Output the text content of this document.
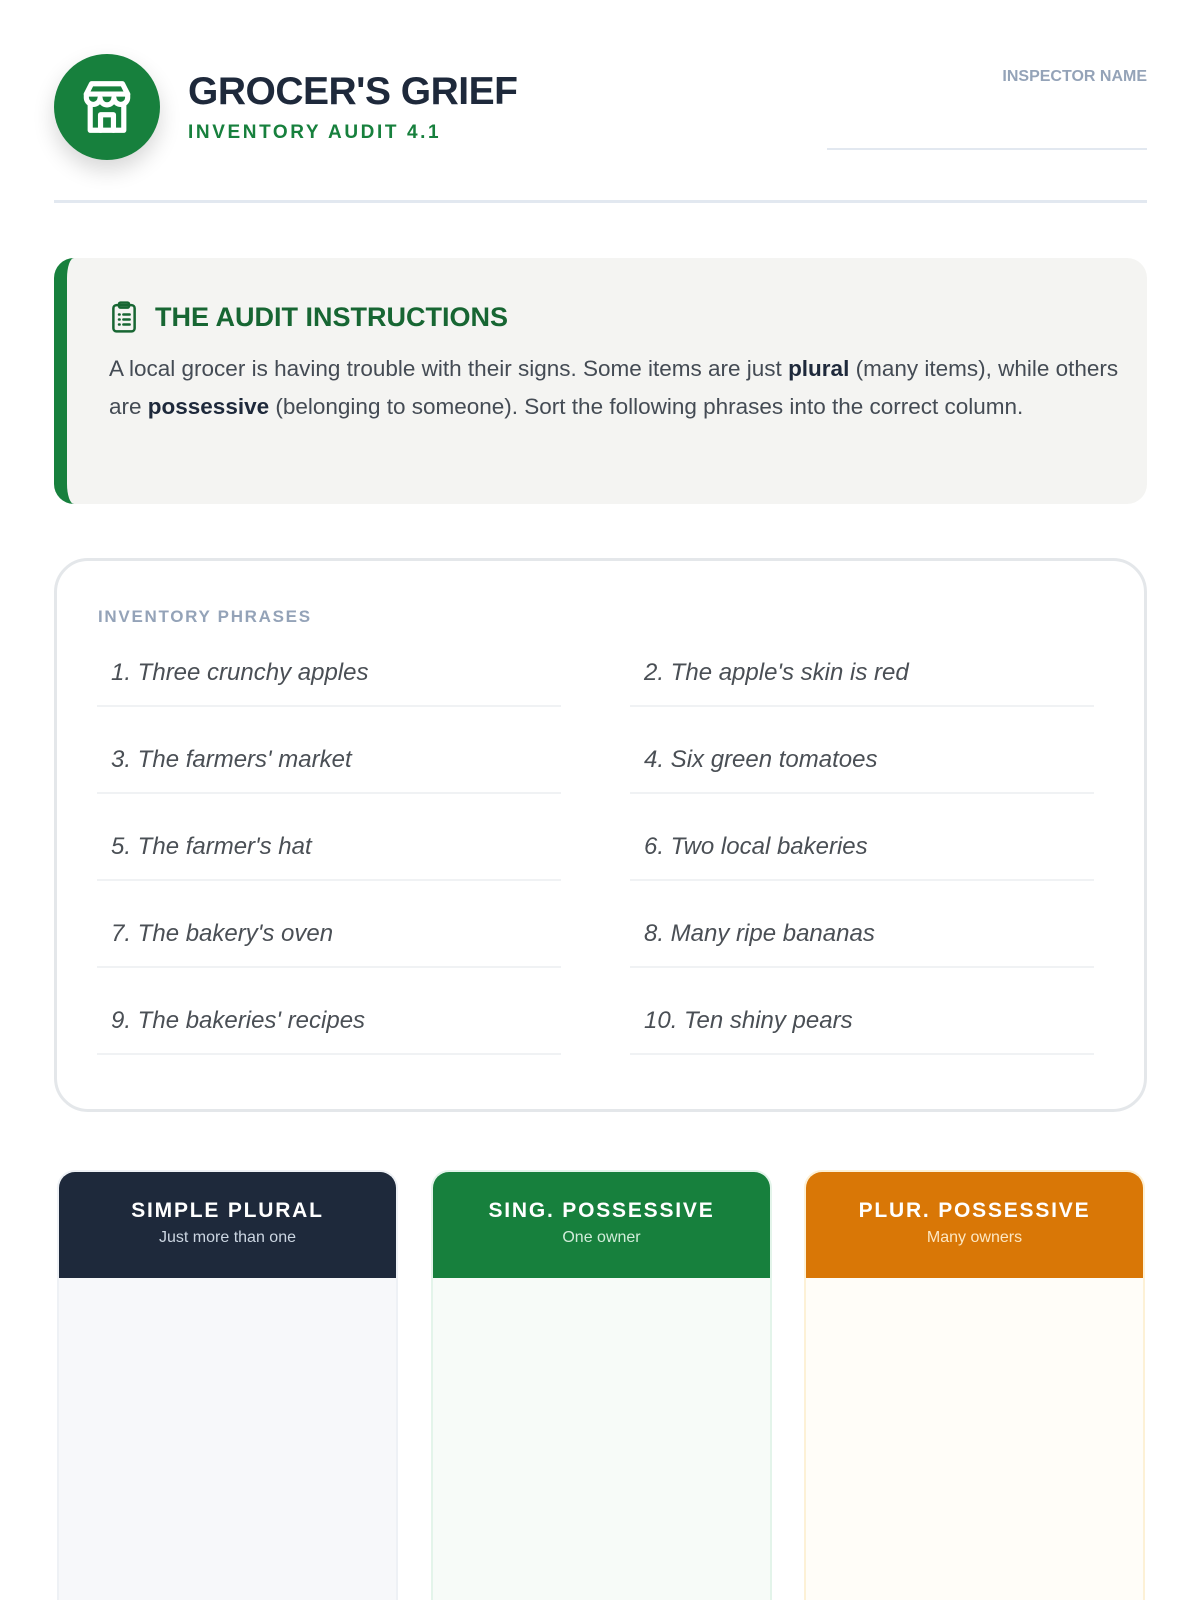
GROCER'S GRIEF
INVENTORY AUDIT 4.1
INSPECTOR NAME
THE AUDIT INSTRUCTIONS

A local grocer is having trouble with their signs. Some items are just plural (many items), while others are possessive (belonging to someone). Sort the following phrases into the correct column.

INVENTORY PHRASES
1. Three crunchy apples	2. The apple's skin is red
3. The farmers' market	4. Six green tomatoes
5. The farmer's hat	6. Two local bakeries
7. The bakery's oven	8. Many ripe bananas
9. The bakeries' recipes	10. Ten shiny pears
SIMPLE PLURAL
Just more than one
SING. POSSESSIVE
One owner
PLUR. POSSESSIVE
Many owners
